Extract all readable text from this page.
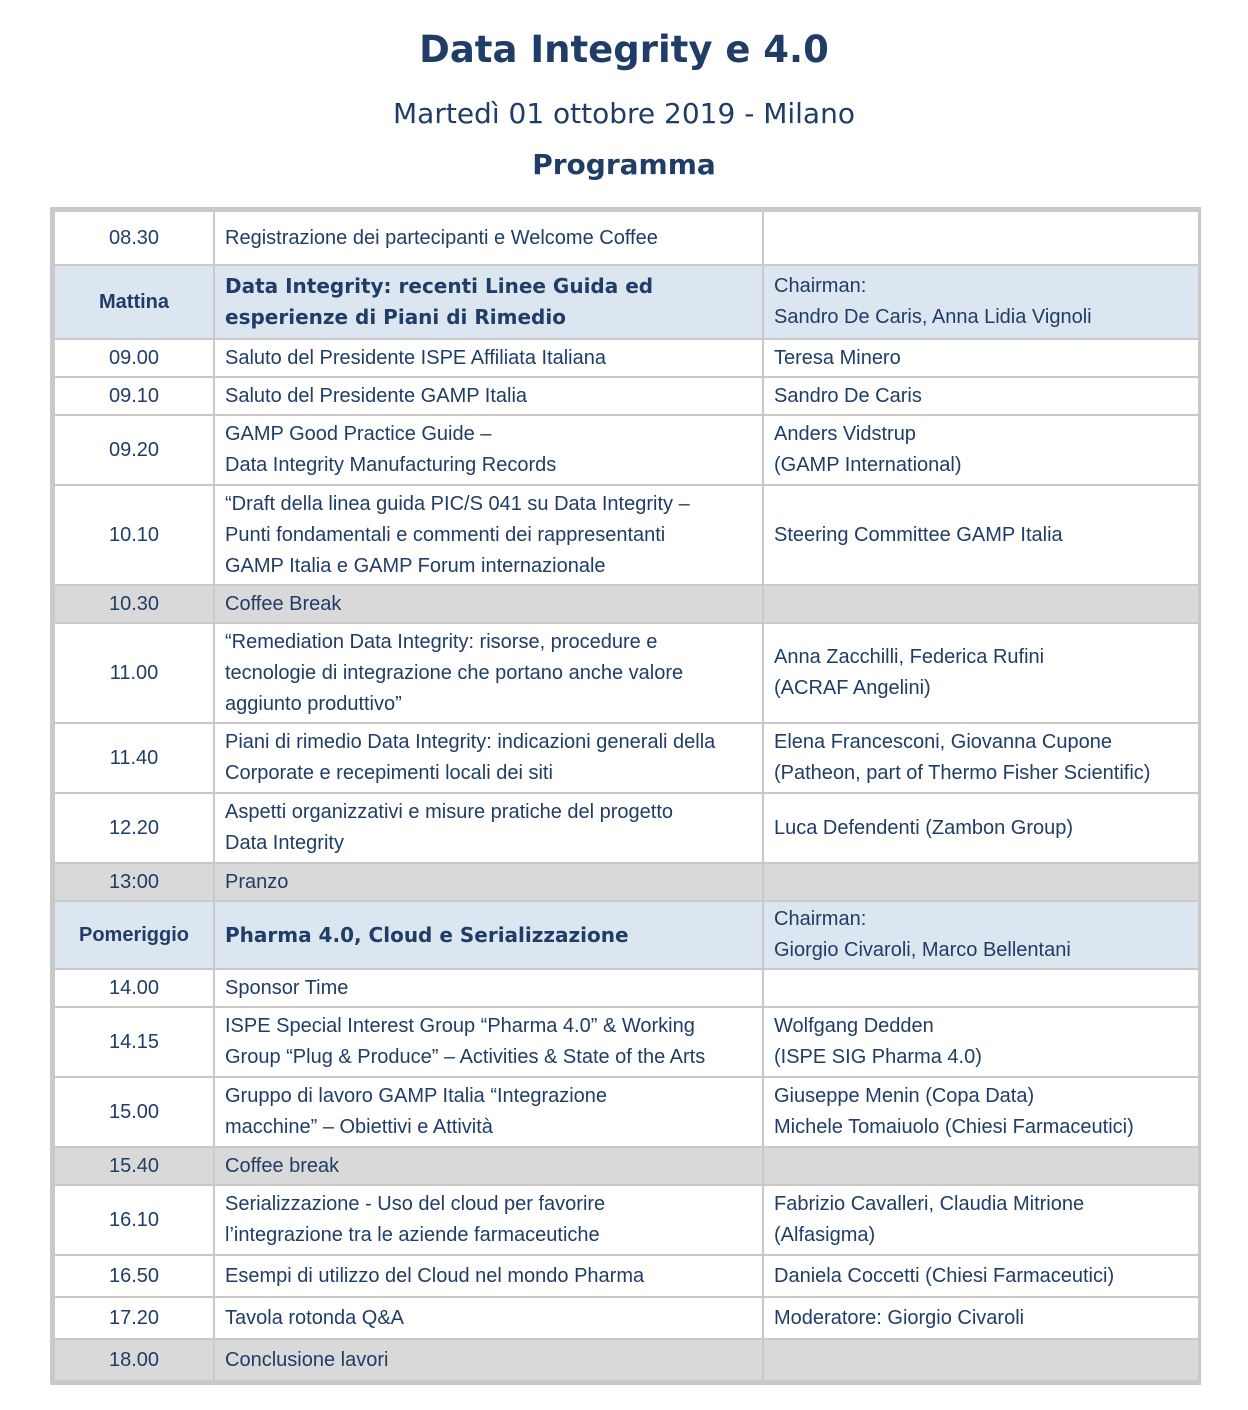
Data Integrity e 4.0
Martedì 01 ottobre 2019 - Milano
Programma
08.30	Registrazione dei partecipanti e Welcome Coffee	

Mattina	Data Integrity: recenti Linee Guida ed
esperienze di Piani di Rimedio	Chairman:
Sandro De Caris, Anna Lidia Vignoli

09.00	Saluto del Presidente ISPE Affiliata Italiana	Teresa Minero

09.10	Saluto del Presidente GAMP Italia	Sandro De Caris

09.20	GAMP Good Practice Guide –
Data Integrity Manufacturing Records	Anders Vidstrup
(GAMP International)

10.10	“Draft della linea guida PIC/S 041 su Data Integrity –
Punti fondamentali e commenti dei rappresentanti
GAMP Italia e GAMP Forum internazionale	Steering Committee GAMP Italia

10.30	Coffee Break	

11.00	“Remediation Data Integrity: risorse, procedure e
tecnologie di integrazione che portano anche valore
aggiunto produttivo”	Anna Zacchilli, Federica Rufini
(ACRAF Angelini)

11.40	Piani di rimedio Data Integrity: indicazioni generali della
Corporate e recepimenti locali dei siti	Elena Francesconi, Giovanna Cupone
(Patheon, part of Thermo Fisher Scientific)

12.20	Aspetti organizzativi e misure pratiche del progetto
Data Integrity	Luca Defendenti (Zambon Group)

13:00	Pranzo	

Pomeriggio	Pharma 4.0, Cloud e Serializzazione	Chairman:
Giorgio Civaroli, Marco Bellentani

14.00	Sponsor Time	

14.15	ISPE Special Interest Group “Pharma 4.0” & Working
Group “Plug & Produce” – Activities & State of the Arts	Wolfgang Dedden
(ISPE SIG Pharma 4.0)

15.00	Gruppo di lavoro GAMP Italia “Integrazione
macchine” – Obiettivi e Attività	Giuseppe Menin (Copa Data)
Michele Tomaiuolo (Chiesi Farmaceutici)

15.40	Coffee break	

16.10	Serializzazione - Uso del cloud per favorire
l’integrazione tra le aziende farmaceutiche	Fabrizio Cavalleri, Claudia Mitrione
(Alfasigma)

16.50	Esempi di utilizzo del Cloud nel mondo Pharma	Daniela Coccetti (Chiesi Farmaceutici)

17.20	Tavola rotonda Q&A	Moderatore: Giorgio Civaroli

18.00	Conclusione lavori	
